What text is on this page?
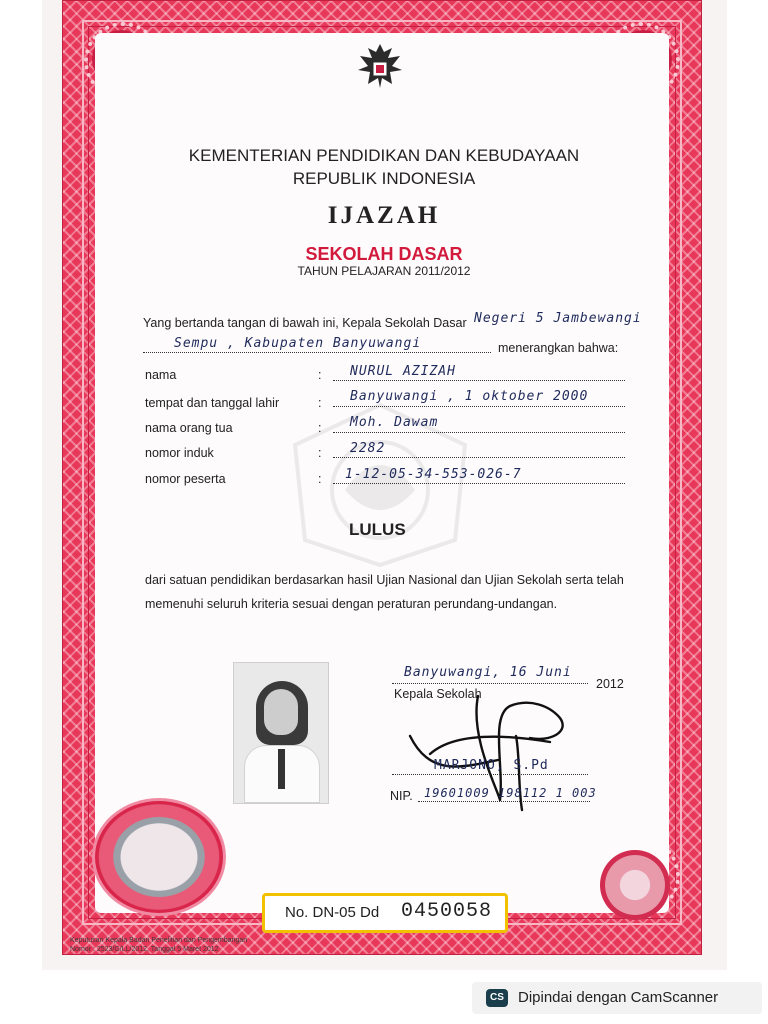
KEMENTERIAN PENDIDIKAN DAN KEBUDAYAAN
REPUBLIK INDONESIA
IJAZAH
SEKOLAH DASAR
TAHUN PELAJARAN 2011/2012
Yang bertanda tangan di bawah ini, Kepala Sekolah Dasar Negeri 5 Jambewangi
Sempu , Kabupaten Banyuwangi	menerangkan bahwa:
nama	: NURUL AZIZAH
tempat dan tanggal lahir	: Banyuwangi , 1 oktober 2000
nama orang tua	: Moh. Dawam
nomor induk	: 2282
nomor peserta	: 1-12-05-34-553-026-7
LULUS
dari satuan pendidikan berdasarkan hasil Ujian Nasional dan Ujian Sekolah serta telah
memenuhi seluruh kriteria sesuai dengan peraturan perundang-undangan.
Banyuwangi, 16 Juni
2012
Kepala Sekolah
MARJONO, S.Pd
NIP. 19601009 198112 1 003
No. DN-05 Dd 0450058
Keputusan Kepala Badan Penelitian dan Pengembangan
Nomor : 2523/G/LL/2012, Tanggal 5 Maret 2012
CS Dipindai dengan CamScanner
